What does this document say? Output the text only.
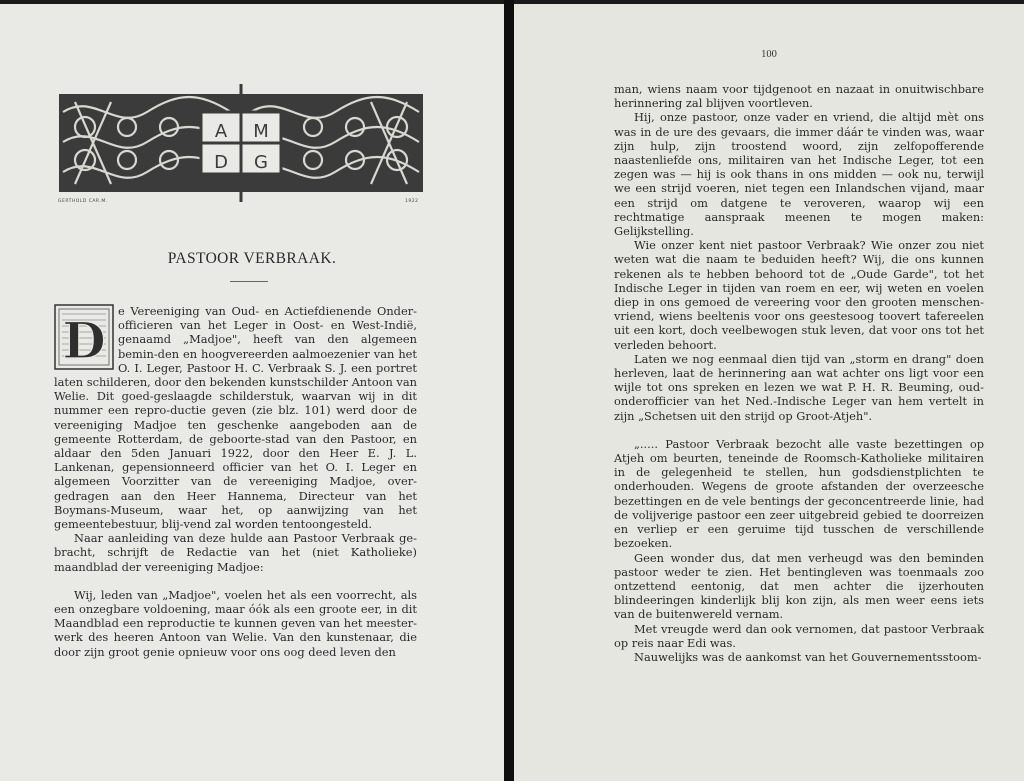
A M
D G
GERTHOLD CAR.M.	1922
PASTOOR VERBRAAK.
D	e Vereeniging van Oud- en Actiefdienende Onder-officieren van het Leger in Oost- en West-Indië, genaamd „Madjoe", heeft van den algemeen bemin-den en hoogvereerden aalmoezenier van het O. I. Leger, Pastoor H. C. Verbraak S. J. een portret laten schilderen, door den bekenden kunstschilder Antoon van Welie. Dit goed-geslaagde schilderstuk, waarvan wij in dit nummer een repro-ductie geven (zie blz. 101) werd door de vereeniging Madjoe ten geschenke aangeboden aan de gemeente Rotterdam, de geboorte-stad van den Pastoor, en aldaar den 5den Januari 1922, door den Heer E. J. L. Lankenan, gepensionneerd officier van het O. I. Leger en algemeen Voorzitter van de vereeniging Madjoe, over-gedragen aan den Heer Hannema, Directeur van het Boymans-Museum, waar het, op aanwijzing van het gemeentebestuur, blij-vend zal worden tentoongesteld.

Naar aanleiding van deze hulde aan Pastoor Verbraak ge-bracht, schrijft de Redactie van het (niet Katholieke) maandblad der vereeniging Madjoe:

Wij, leden van „Madjoe", voelen het als een voorrecht, als een onzegbare voldoening, maar óók als een groote eer, in dit Maandblad een reproductie te kunnen geven van het meester-werk des heeren Antoon van Welie. Van den kunstenaar, die door zijn groot genie opnieuw voor ons oog deed leven den

100

man, wiens naam voor tijdgenoot en nazaat in onuitwischbare herinnering zal blijven voortleven.

Hij, onze pastoor, onze vader en vriend, die altijd mèt ons was in de ure des gevaars, die immer dáár te vinden was, waar zijn hulp, zijn troostend woord, zijn zelfopofferende naastenliefde ons, militairen van het Indische Leger, tot een zegen was — hij is ook thans in ons midden — ook nu, terwijl we een strijd voeren, niet tegen een Inlandschen vijand, maar een strijd om datgene te veroveren, waarop wij een rechtmatige aanspraak meenen te mogen maken: Gelijkstelling.

Wie onzer kent niet pastoor Verbraak? Wie onzer zou niet weten wat die naam te beduiden heeft? Wij, die ons kunnen rekenen als te hebben behoord tot de „Oude Garde", tot het Indische Leger in tijden van roem en eer, wij weten en voelen diep in ons gemoed de vereering voor den grooten menschen-vriend, wiens beeltenis voor ons geestesoog toovert tafereelen uit een kort, doch veelbewogen stuk leven, dat voor ons tot het verleden behoort.

Laten we nog eenmaal dien tijd van „storm en drang" doen herleven, laat de herinnering aan wat achter ons ligt voor een wijle tot ons spreken en lezen we wat P. H. R. Beuming, oud-onderofficier van het Ned.-Indische Leger van hem vertelt in zijn „Schetsen uit den strijd op Groot-Atjeh".

„..... Pastoor Verbraak bezocht alle vaste bezettingen op Atjeh om beurten, teneinde de Roomsch-Katholieke militairen in de gelegenheid te stellen, hun godsdienstplichten te onderhouden. Wegens de groote afstanden der overzeesche bezettingen en de vele bentings der geconcentreerde linie, had de volijverige pastoor een zeer uitgebreid gebied te doorreizen en verliep er een geruime tijd tusschen de verschillende bezoeken.

Geen wonder dus, dat men verheugd was den beminden pastoor weder te zien. Het bentingleven was toenmaals zoo ontzettend eentonig, dat men achter die ijzerhouten blindeeringen kinderlijk blij kon zijn, als men weer eens iets van de buitenwereld vernam.

Met vreugde werd dan ook vernomen, dat pastoor Verbraak op reis naar Edi was.

Nauwelijks was de aankomst van het Gouvernementsstoom-
